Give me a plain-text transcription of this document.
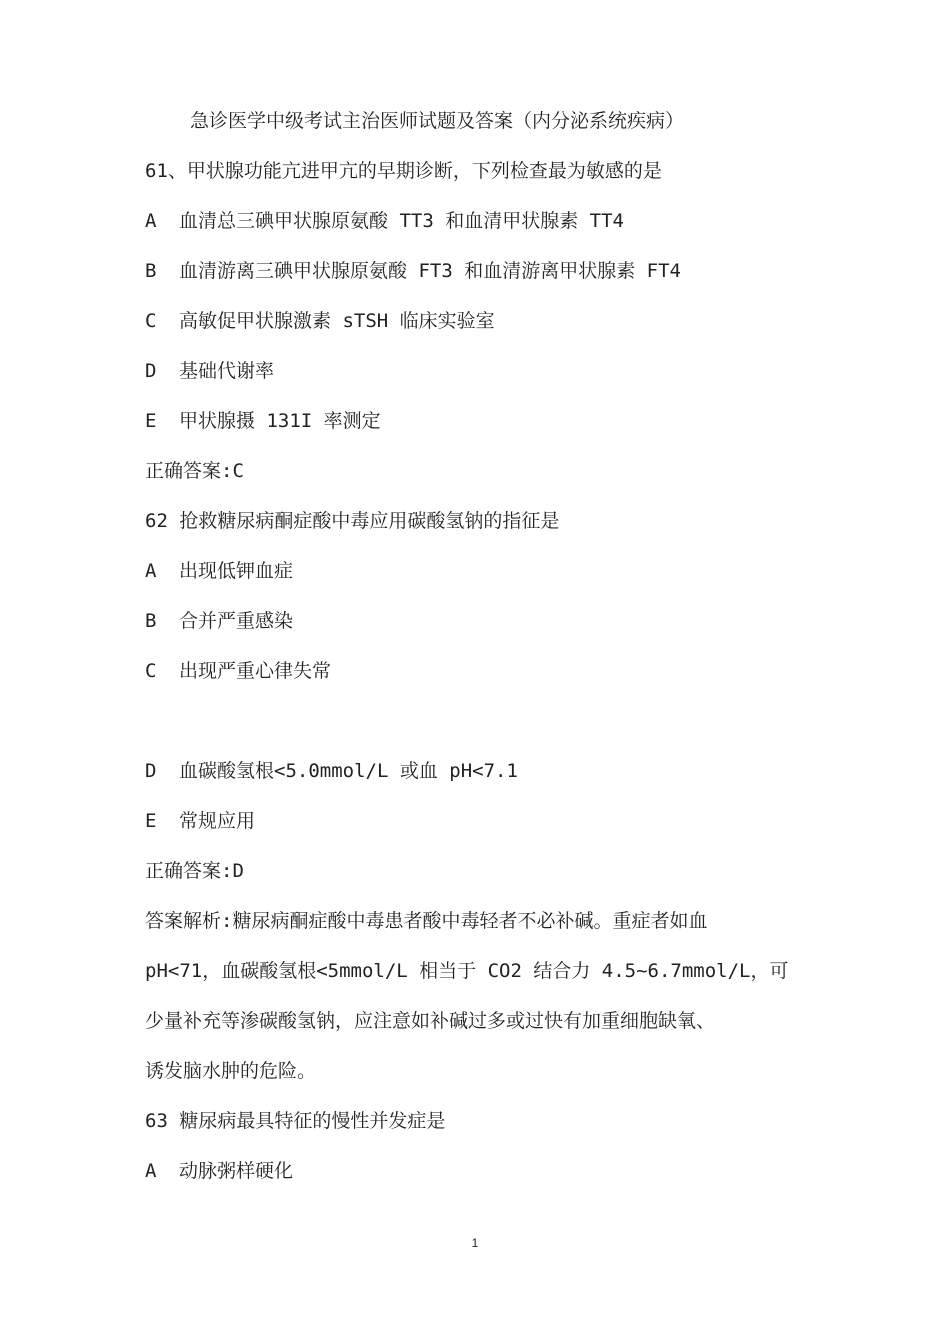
急诊医学中级考试主治医师试题及答案（内分泌系统疾病）
61、甲状腺功能亢进甲亢的早期诊断，下列检查最为敏感的是
A 血清总三碘甲状腺原氨酸 TT3 和血清甲状腺素 TT4
B 血清游离三碘甲状腺原氨酸 FT3 和血清游离甲状腺素 FT4
C 高敏促甲状腺激素 sTSH 临床实验室
D 基础代谢率
E 甲状腺摄 131I 率测定
正确答案:C
62 抢救糖尿病酮症酸中毒应用碳酸氢钠的指征是
A 出现低钾血症
B 合并严重感染
C 出现严重心律失常
D 血碳酸氢根<5.0mmol/L 或血 pH<7.1
E 常规应用
正确答案:D
答案解析:糖尿病酮症酸中毒患者酸中毒轻者不必补碱。重症者如血
pH<71，血碳酸氢根<5mmol/L 相当于 CO2 结合力 4.5~6.7mmol/L，可
少量补充等渗碳酸氢钠，应注意如补碱过多或过快有加重细胞缺氧、
诱发脑水肿的危险。
63 糖尿病最具特征的慢性并发症是
A 动脉粥样硬化
1
